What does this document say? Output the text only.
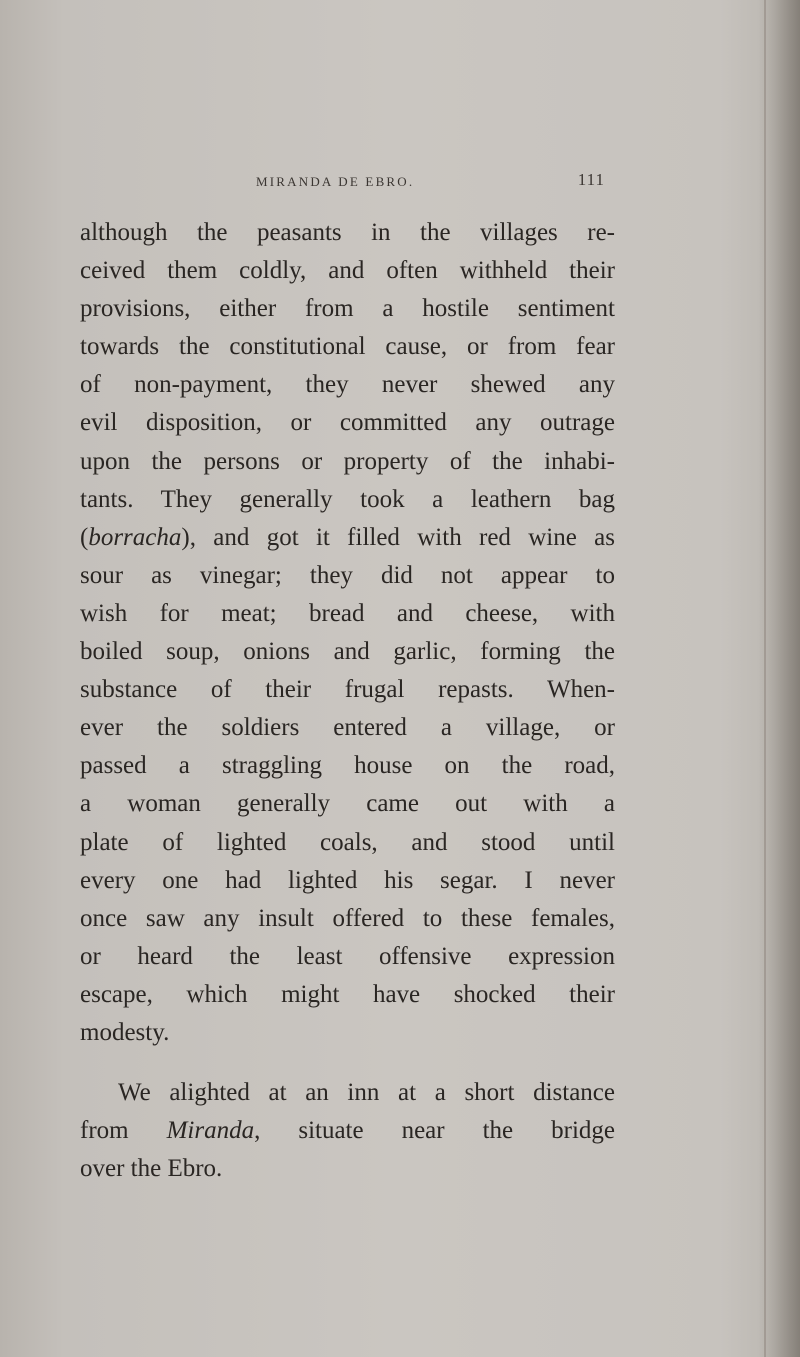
MIRANDA DE EBRO.	111
although the peasants in the villages re-
ceived them coldly, and often withheld their
provisions, either from a hostile sentiment
towards the constitutional cause, or from fear
of non-payment, they never shewed any
evil disposition, or committed any outrage
upon the persons or property of the inhabi-
tants. They generally took a leathern bag
(borracha), and got it filled with red wine as
sour as vinegar; they did not appear to
wish for meat; bread and cheese, with
boiled soup, onions and garlic, forming the
substance of their frugal repasts. When-
ever the soldiers entered a village, or
passed a straggling house on the road,
a woman generally came out with a
plate of lighted coals, and stood until
every one had lighted his segar. I never
once saw any insult offered to these females,
or heard the least offensive expression
escape, which might have shocked their
modesty.
We alighted at an inn at a short distance
from Miranda, situate near the bridge
over the Ebro.
